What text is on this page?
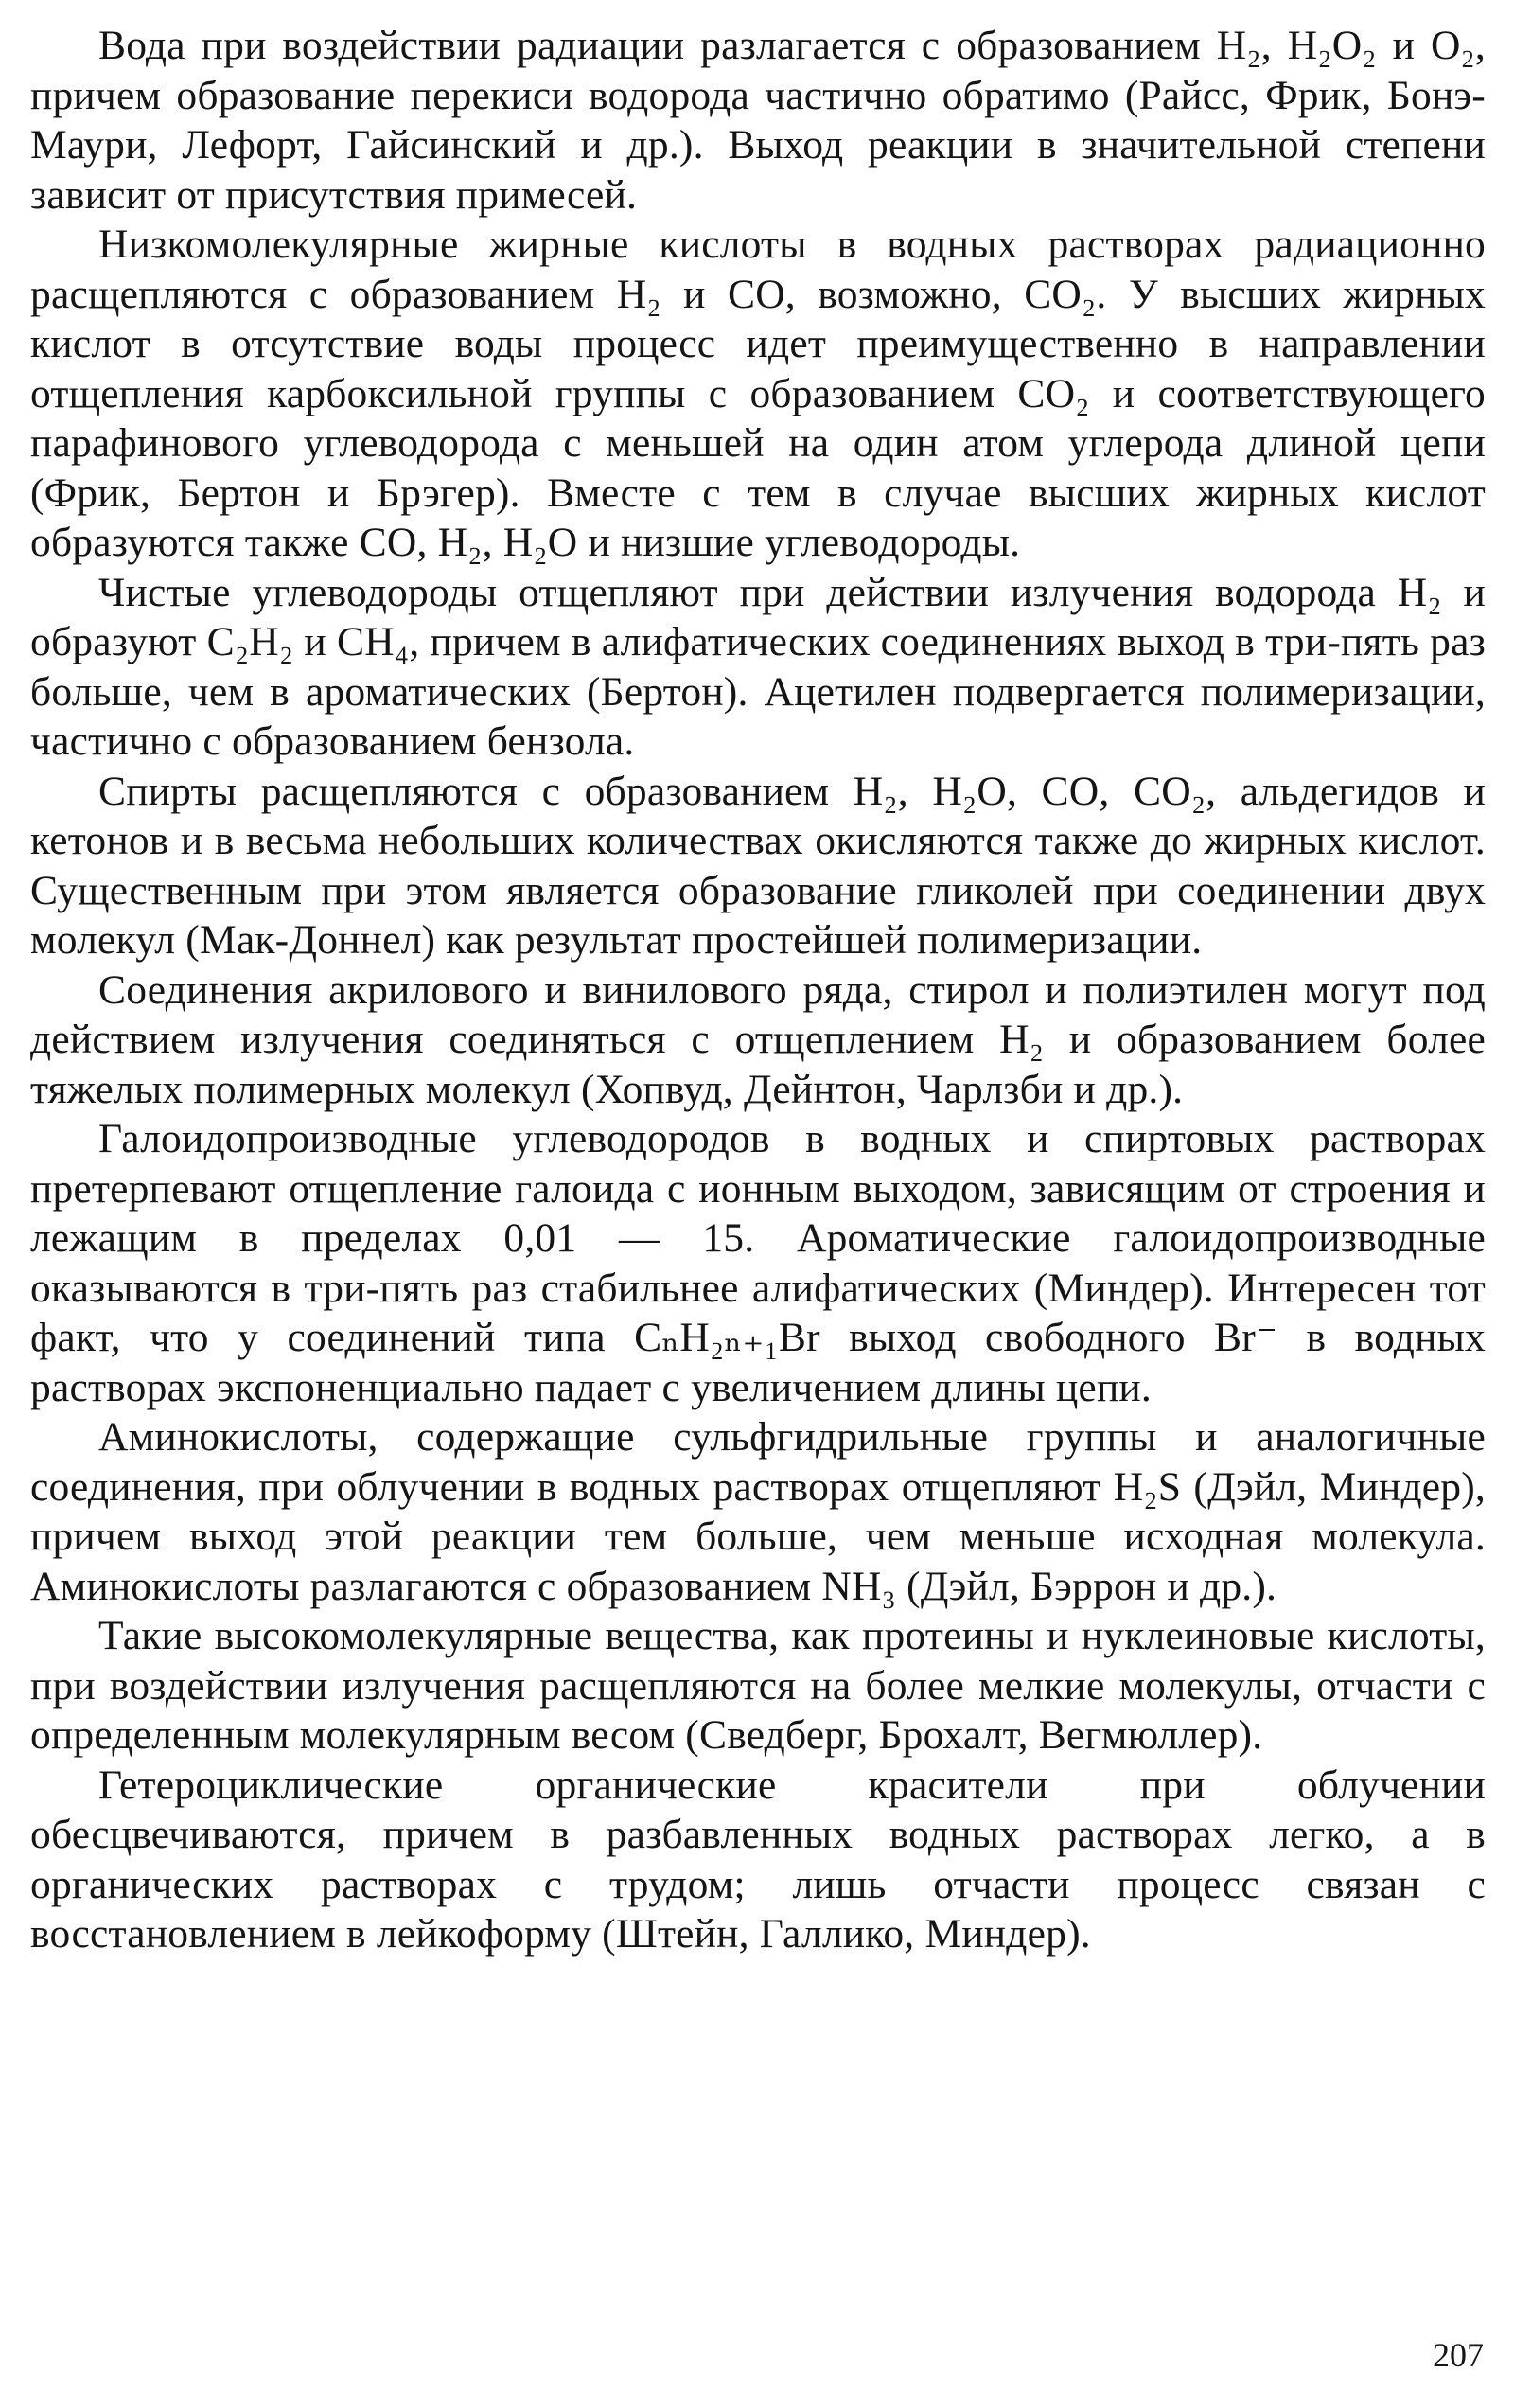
Вода при воздействии радиации разлагается с образованием H₂, H₂O₂ и O₂, причем образование перекиси водорода частично обратимо (Райсс, Фрик, Бонэ-Маури, Лефорт, Гайсинский и др.). Выход реакции в значительной степени зависит от присутствия примесей.

Низкомолекулярные жирные кислоты в водных растворах радиационно расщепляются с образованием H₂ и CO, возможно, CO₂. У высших жирных кислот в отсутствие воды процесс идет преимущественно в направлении отщепления карбоксильной группы с образованием CO₂ и соответствующего парафинового углеводорода с меньшей на один атом углерода длиной цепи (Фрик, Бертон и Брэгер). Вместе с тем в случае высших жирных кислот образуются также CO, H₂, H₂O и низшие углеводороды.

Чистые углеводороды отщепляют при действии излучения водорода H₂ и образуют C₂H₂ и CH₄, причем в алифатических соединениях выход в три-пять раз больше, чем в ароматических (Бертон). Ацетилен подвергается полимеризации, частично с образованием бензола.

Спирты расщепляются с образованием H₂, H₂O, CO, CO₂, альдегидов и кетонов и в весьма небольших количествах окисляются также до жирных кислот. Существенным при этом является образование гликолей при соединении двух молекул (Мак-Доннел) как результат простейшей полимеризации.

Соединения акрилового и винилового ряда, стирол и полиэтилен могут под действием излучения соединяться с отщеплением H₂ и образованием более тяжелых полимерных молекул (Хопвуд, Дейнтон, Чарлзби и др.).

Галоидопроизводные углеводородов в водных и спиртовых растворах претерпевают отщепление галоида с ионным выходом, зависящим от строения и лежащим в пределах 0,01 — 15. Ароматические галоидопроизводные оказываются в три-пять раз стабильнее алифатических (Миндер). Интересен тот факт, что у соединений типа CₙH₂ₙ₊₁Br выход свободного Br⁻ в водных растворах экспоненциально падает с увеличением длины цепи.

Аминокислоты, содержащие сульфгидрильные группы и аналогичные соединения, при облучении в водных растворах отщепляют H₂S (Дэйл, Миндер), причем выход этой реакции тем больше, чем меньше исходная молекула. Аминокислоты разлагаются с образованием NH₃ (Дэйл, Бэррон и др.).

Такие высокомолекулярные вещества, как протеины и нуклеиновые кислоты, при воздействии излучения расщепляются на более мелкие молекулы, отчасти с определенным молекулярным весом (Сведберг, Брохалт, Вегмюллер).

Гетероциклические органические красители при облучении обесцвечиваются, причем в разбавленных водных растворах легко, а в органических растворах с трудом; лишь отчасти процесс связан с восстановлением в лейкоформу (Штейн, Галлико, Миндер).

207
